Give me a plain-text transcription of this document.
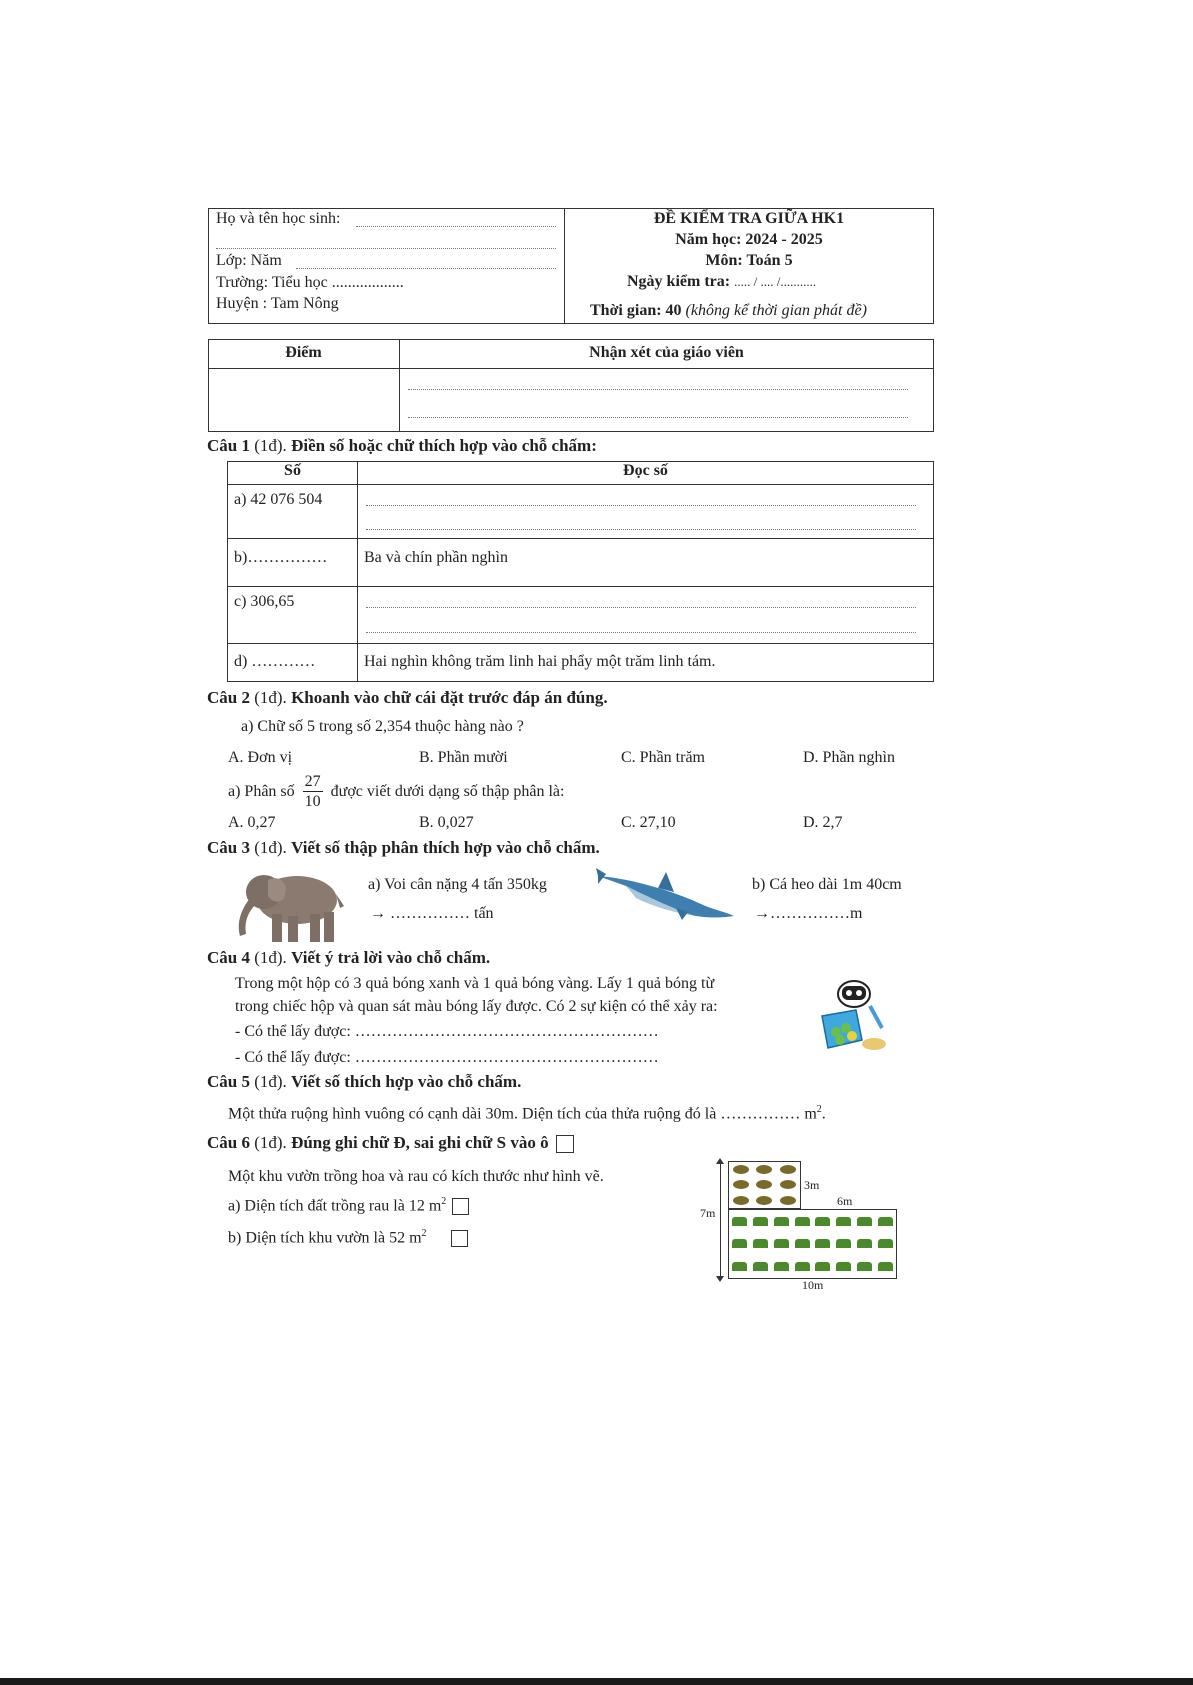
Họ và tên học sinh:
Lớp: Năm
Trường: Tiểu học ..................
Huyện : Tam Nông
ĐỀ KIỂM TRA GIỮA HK1
Năm học: 2024 - 2025
Môn: Toán 5
Ngày kiểm tra: ..... / .... /...........
Thời gian: 40 (không kể thời gian phát đề)
Điểm	Nhận xét của giáo viên
Câu 1 (1đ). Điền số hoặc chữ thích hợp vào chỗ chấm:
Số	Đọc số
a) 42 076 504	

b)……………	Ba và chín phần nghìn
c) 306,65	

d) …………	Hai nghìn không trăm linh hai phẩy một trăm linh tám.
Câu 2 (1đ). Khoanh vào chữ cái đặt trước đáp án đúng.
a) Chữ số 5 trong số 2,354 thuộc hàng nào ?
A. Đơn vị	B. Phần mười	C. Phần trăm	D. Phần nghìn
a) Phân số $\frac{27}{10}$ được viết dưới dạng số thập phân là:
A. 0,27	B. 0,027	C. 27,10	D. 2,7
Câu 3 (1đ). Viết số thập phân thích hợp vào chỗ chấm.
a) Voi cân nặng 4 tấn 350kg
→ …………… tấn
b) Cá heo dài 1m 40cm
→……………m
Câu 4 (1đ). Viết ý trả lời vào chỗ chấm.
Trong một hộp có 3 quả bóng xanh và 1 quả bóng vàng. Lấy 1 quả bóng từ
trong chiếc hộp và quan sát màu bóng lấy được. Có 2 sự kiện có thể xảy ra:
- Có thể lấy được: …………………………………………………
- Có thể lấy được: …………………………………………………
Câu 5 (1đ). Viết số thích hợp vào chỗ chấm.
Một thửa ruộng hình vuông có cạnh dài 30m. Diện tích của thửa ruộng đó là …………… $m^2$.
Câu 6 (1đ). Đúng ghi chữ Đ, sai ghi chữ S vào ô
Một khu vườn trồng hoa và rau có kích thước như hình vẽ.
a) Diện tích đất trồng rau là 12 $m^2$
b) Diện tích khu vườn là 52 $m^2$
7m
3m
6m
10m
